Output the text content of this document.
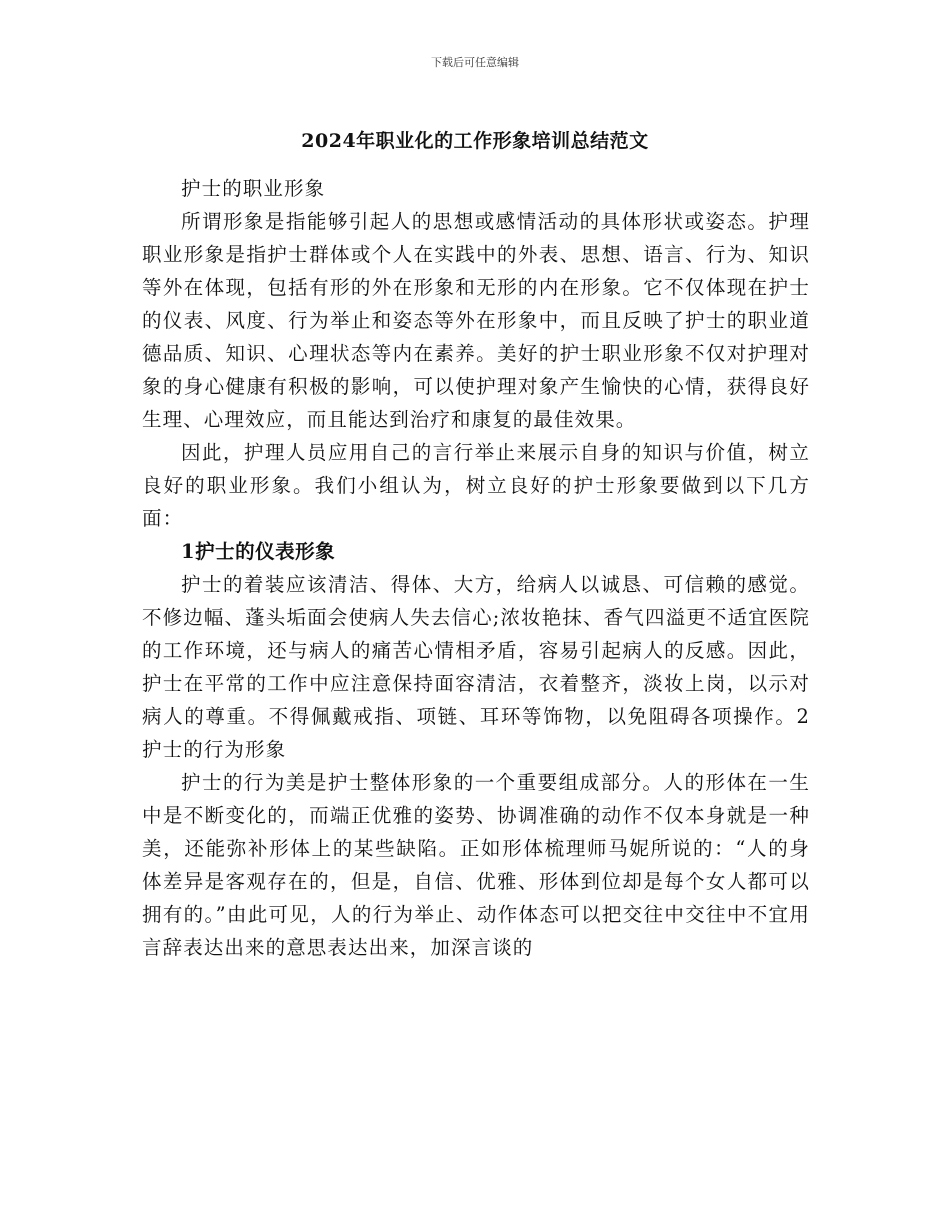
下载后可任意编辑
2024年职业化的工作形象培训总结范文

护士的职业形象

所谓形象是指能够引起人的思想或感情活动的具体形状或姿态。护理职业形象是指护士群体或个人在实践中的外表、思想、语言、行为、知识等外在体现，包括有形的外在形象和无形的内在形象。它不仅体现在护士的仪表、风度、行为举止和姿态等外在形象中，而且反映了护士的职业道德品质、知识、心理状态等内在素养。美好的护士职业形象不仅对护理对象的身心健康有积极的影响，可以使护理对象产生愉快的心情，获得良好生理、心理效应，而且能达到治疗和康复的最佳效果。

因此，护理人员应用自己的言行举止来展示自身的知识与价值，树立良好的职业形象。我们小组认为，树立良好的护士形象要做到以下几方面：

1护士的仪表形象

护士的着装应该清洁、得体、大方，给病人以诚恳、可信赖的感觉。不修边幅、蓬头垢面会使病人失去信心;浓妆艳抹、香气四溢更不适宜医院的工作环境，还与病人的痛苦心情相矛盾，容易引起病人的反感。因此，护士在平常的工作中应注意保持面容清洁，衣着整齐，淡妆上岗，以示对病人的尊重。不得佩戴戒指、项链、耳环等饰物，以免阻碍各项操作。2护士的行为形象

护士的行为美是护士整体形象的一个重要组成部分。人的形体在一生中是不断变化的，而端正优雅的姿势、协调准确的动作不仅本身就是一种美，还能弥补形体上的某些缺陷。正如形体梳理师马妮所说的：“人的身体差异是客观存在的，但是，自信、优雅、形体到位却是每个女人都可以拥有的。”由此可见，人的行为举止、动作体态可以把交往中交往中不宜用言辞表达出来的意思表达出来，加深言谈的
